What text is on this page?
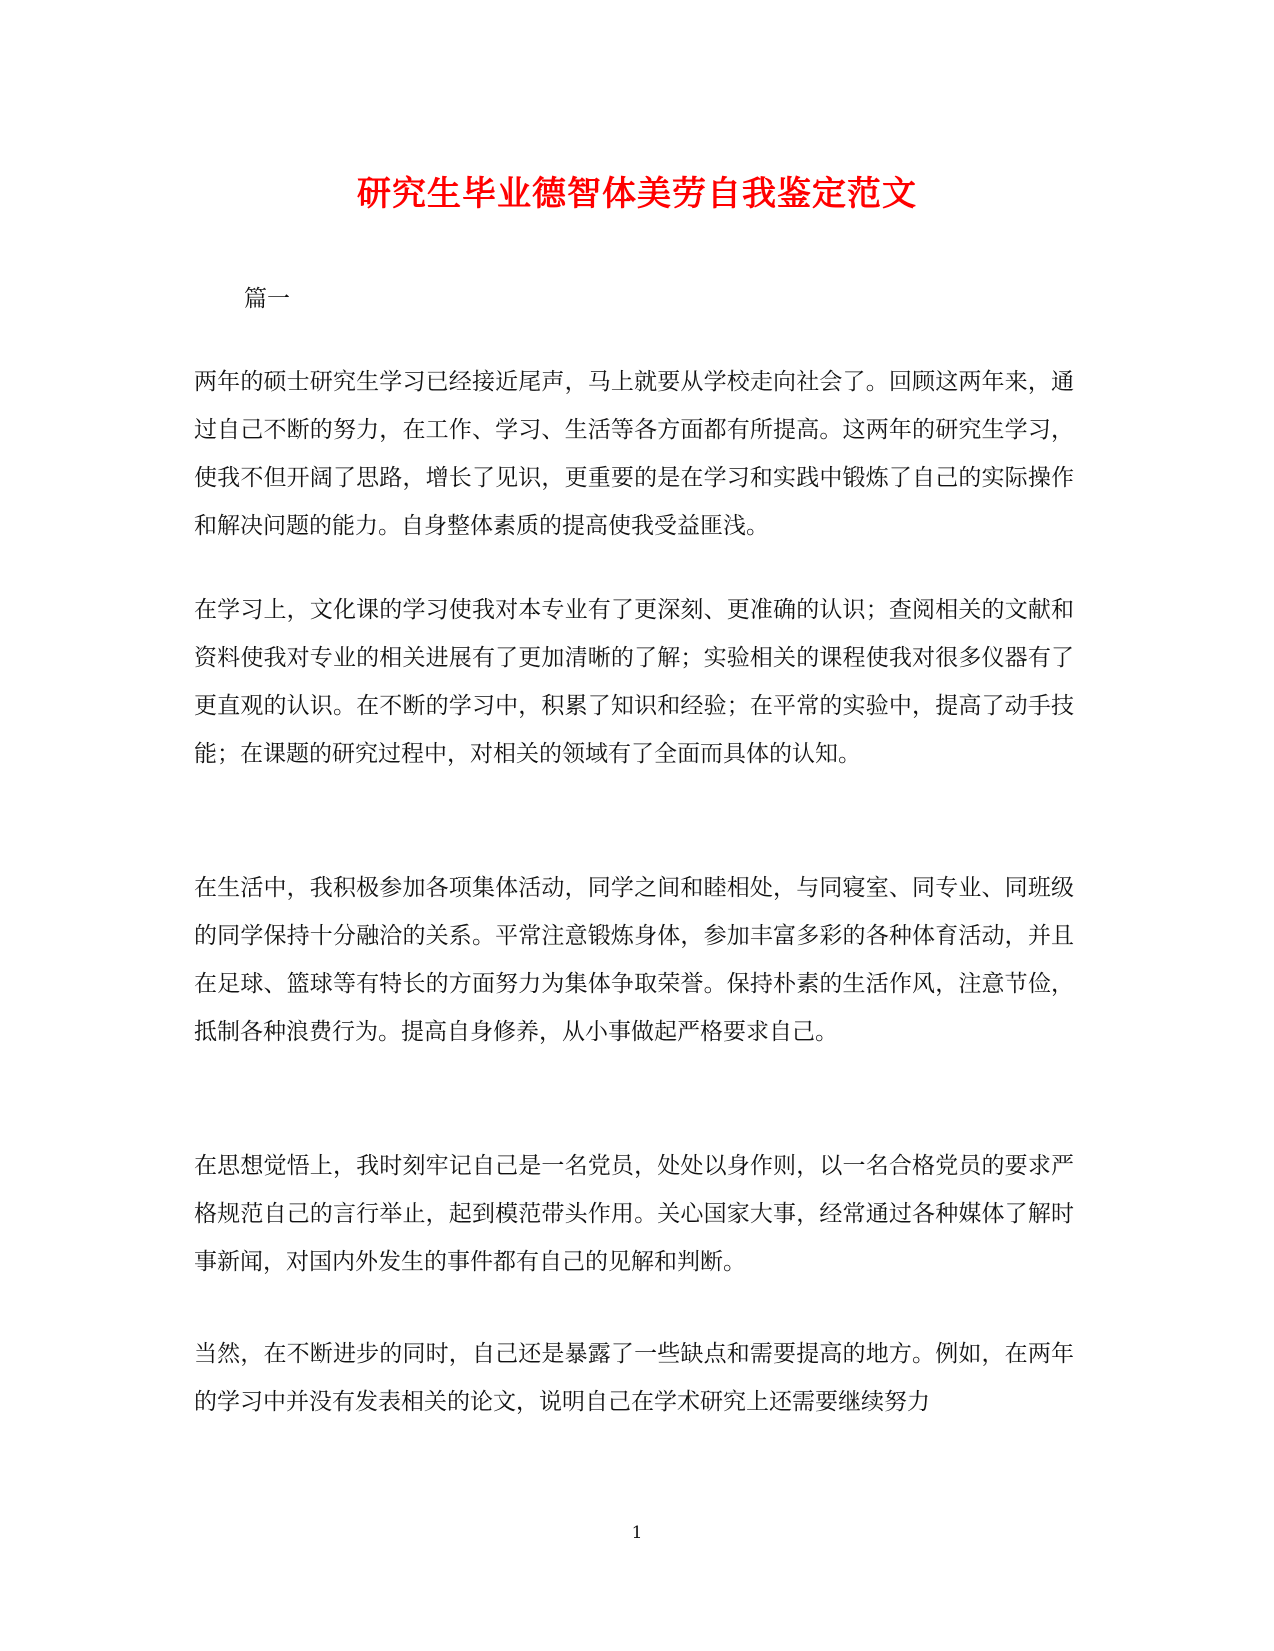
研究生毕业德智体美劳自我鉴定范文
篇一

两年的硕士研究生学习已经接近尾声，马上就要从学校走向社会了。回顾这两年来，通过自己不断的努力，在工作、学习、生活等各方面都有所提高。这两年的研究生学习，使我不但开阔了思路，增长了见识，更重要的是在学习和实践中锻炼了自己的实际操作和解决问题的能力。自身整体素质的提高使我受益匪浅。

在学习上，文化课的学习使我对本专业有了更深刻、更准确的认识；查阅相关的文献和资料使我对专业的相关进展有了更加清晰的了解；实验相关的课程使我对很多仪器有了更直观的认识。在不断的学习中，积累了知识和经验；在平常的实验中，提高了动手技能；在课题的研究过程中，对相关的领域有了全面而具体的认知。

在生活中，我积极参加各项集体活动，同学之间和睦相处，与同寝室、同专业、同班级的同学保持十分融洽的关系。平常注意锻炼身体，参加丰富多彩的各种体育活动，并且在足球、篮球等有特长的方面努力为集体争取荣誉。保持朴素的生活作风，注意节俭，抵制各种浪费行为。提高自身修养，从小事做起严格要求自己。

在思想觉悟上，我时刻牢记自己是一名党员，处处以身作则，以一名合格党员的要求严格规范自己的言行举止，起到模范带头作用。关心国家大事，经常通过各种媒体了解时事新闻，对国内外发生的事件都有自己的见解和判断。

当然，在不断进步的同时，自己还是暴露了一些缺点和需要提高的地方。例如，在两年的学习中并没有发表相关的论文，说明自己在学术研究上还需要继续努力

1
